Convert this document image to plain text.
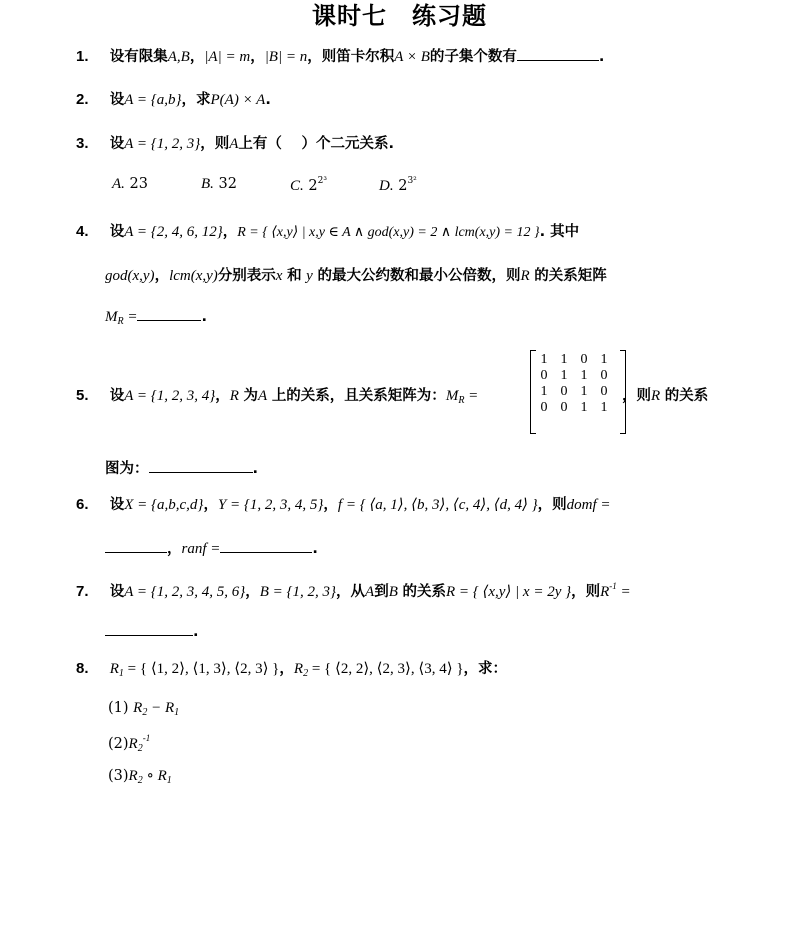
课时七　练习题
1. 设有限集A,B，|A| = m，|B| = n，则笛卡尔积A × B的子集个数有	.
2. 设A = {a,b}，求P(A) × A.
3. 设A = {1, 2, 3}，则A上有（　 ）个二元关系.
A. 23	B. 32	C. $2^{2^3}$	D. $2^{3^2}$
4. 设A = {2, 4, 6, 12}，R = { ⟨x,y⟩ | x,y ∈ A ∧ god(x,y) = 2 ∧ lcm(x,y) = 12 }. 其中
god(x,y)，lcm(x,y)分别表示x 和 y 的最大公约数和最小公倍数，则R 的关系矩阵
$M_R$ =	.
5. 设A = {1, 2, 3, 4}，R 为A 上的关系，且关系矩阵为：$M_R$ =
1 1 0 1
0 1 1 0
1 0 1 0
0 0 1 1
，则R 的关系
图为：	.
6. 设X = {a,b,c,d}，Y = {1, 2, 3, 4, 5}，f = { ⟨a, 1⟩, ⟨b, 3⟩, ⟨c, 4⟩, ⟨d, 4⟩ }，则domf =
，ranf =	.
7. 设A = {1, 2, 3, 4, 5, 6}，B = {1, 2, 3}，从A到B 的关系R = { ⟨x,y⟩ | x = 2y }，则$R^{-1}$ =
.
8. $R_1$ = { ⟨1, 2⟩, ⟨1, 3⟩, ⟨2, 3⟩ }，$R_2$ = { ⟨2, 2⟩, ⟨2, 3⟩, ⟨3, 4⟩ }，求：
(1) $R_2 - R_1$
$(2)R_2^{-1}$
$(3)R_2$ ∘ $R_1$
